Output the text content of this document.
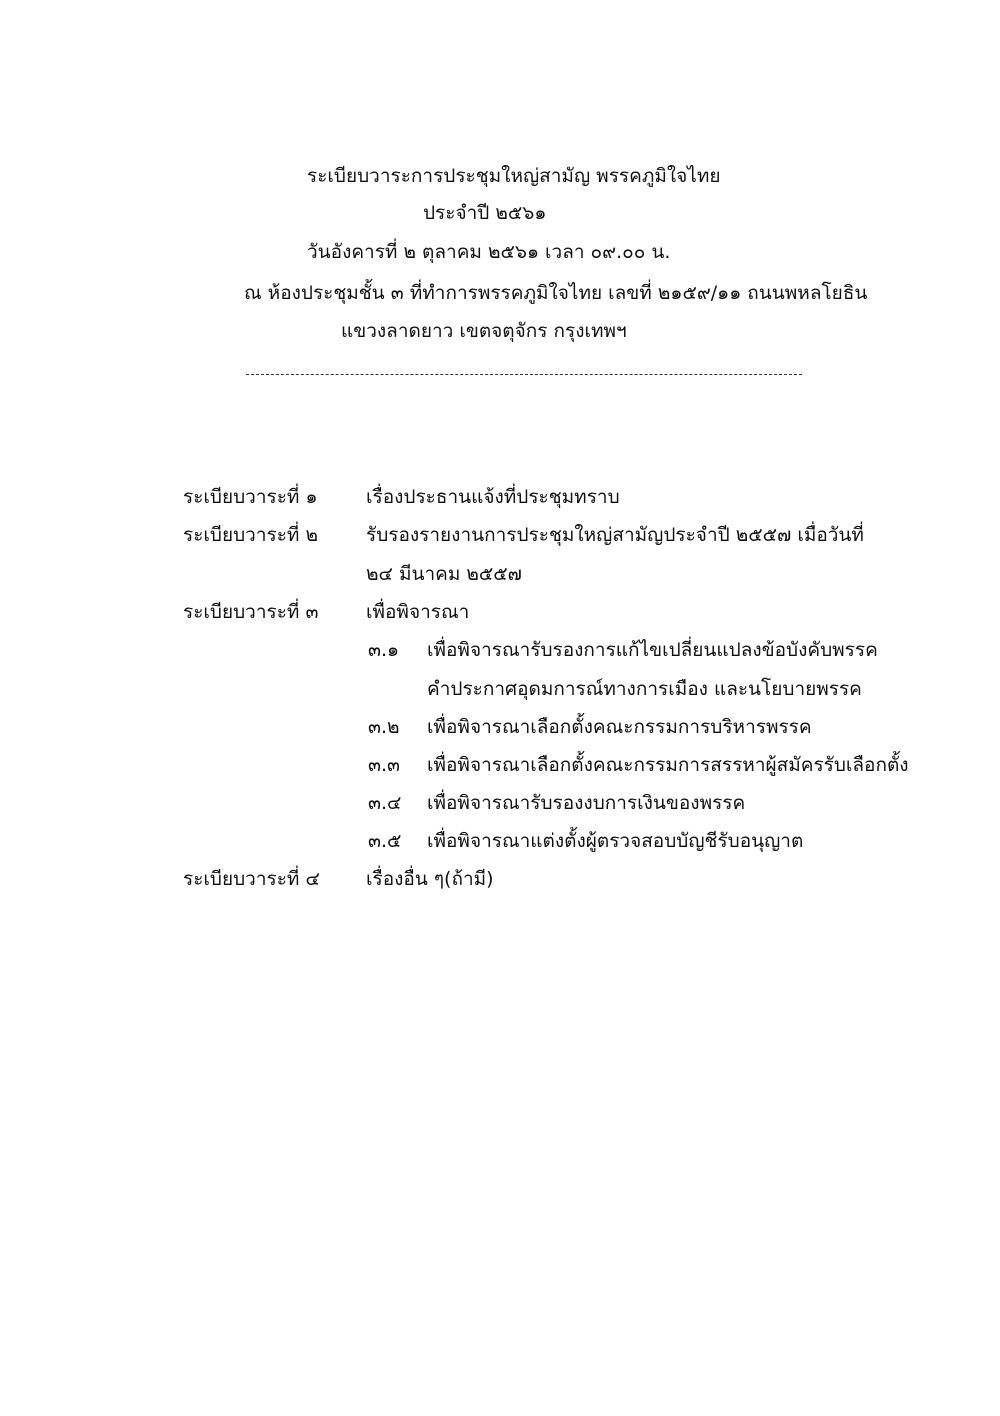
ระเบียบวาระการประชุมใหญ่สามัญ พรรคภูมิใจไทย
ประจำปี ๒๕๖๑
วันอังคารที่ ๒ ตุลาคม ๒๕๖๑ เวลา ๐๙.๐๐ น.
ณ ห้องประชุมชั้น ๓ ที่ทำการพรรคภูมิใจไทย เลขที่ ๒๑๕๙/๑๑ ถนนพหลโยธิน
แขวงลาดยาว เขตจตุจักร กรุงเทพฯ
ระเบียบวาระที่ ๑	เรื่องประธานแจ้งที่ประชุมทราบ
ระเบียบวาระที่ ๒	รับรองรายงานการประชุมใหญ่สามัญประจำปี ๒๕๕๗ เมื่อวันที่
๒๔ มีนาคม ๒๕๕๗
ระเบียบวาระที่ ๓	เพื่อพิจารณา
๓.๑ เพื่อพิจารณารับรองการแก้ไขเปลี่ยนแปลงข้อบังคับพรรค
คำประกาศอุดมการณ์ทางการเมือง และนโยบายพรรค
๓.๒ เพื่อพิจารณาเลือกตั้งคณะกรรมการบริหารพรรค
๓.๓ เพื่อพิจารณาเลือกตั้งคณะกรรมการสรรหาผู้สมัครรับเลือกตั้ง
๓.๔ เพื่อพิจารณารับรองงบการเงินของพรรค
๓.๕ เพื่อพิจารณาแต่งตั้งผู้ตรวจสอบบัญชีรับอนุญาต
ระเบียบวาระที่ ๔ เรื่องอื่น ๆ(ถ้ามี)
